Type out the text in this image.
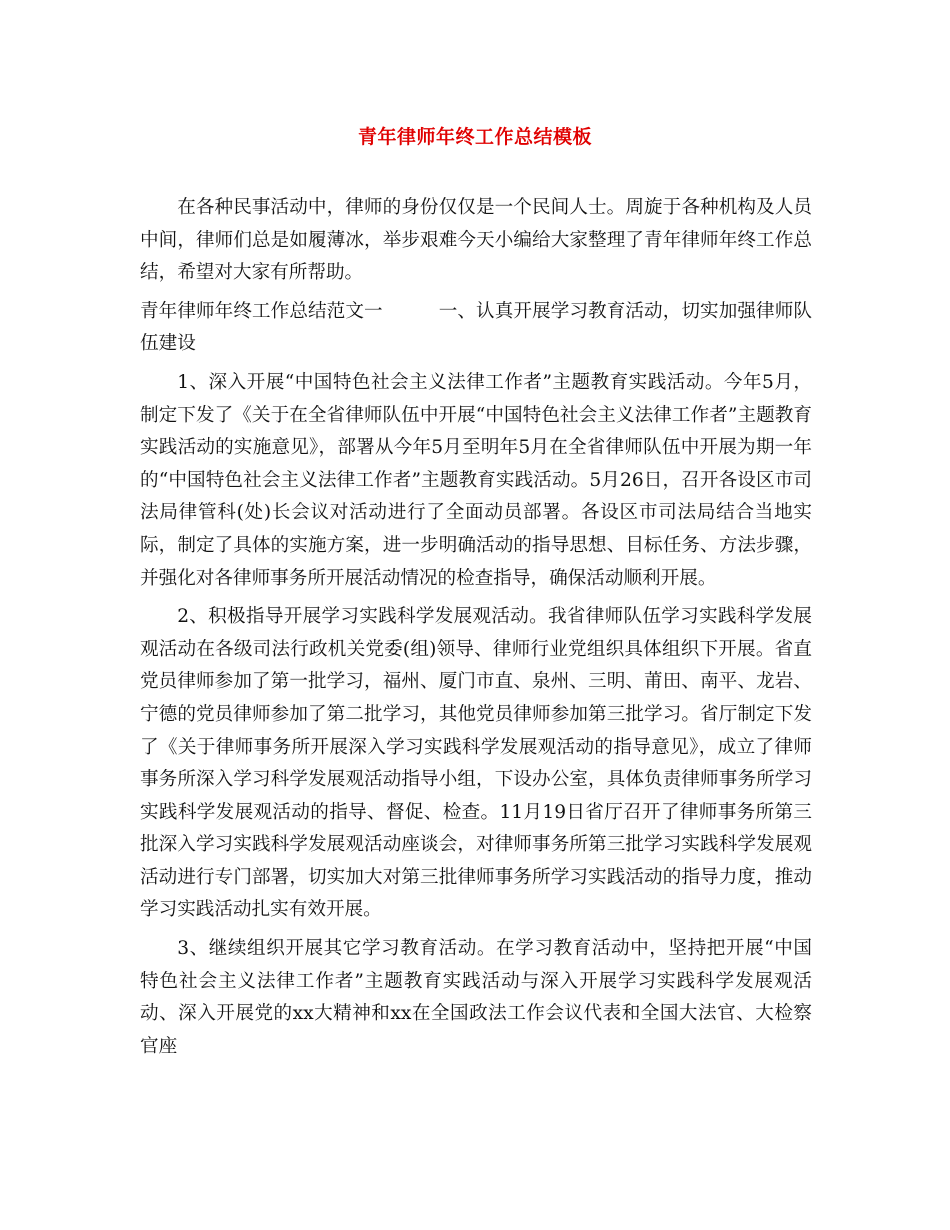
青年律师年终工作总结模板

在各种民事活动中，律师的身份仅仅是一个民间人士。周旋于各种机构及人员中间，律师们总是如履薄冰，举步艰难今天小编给大家整理了青年律师年终工作总结，希望对大家有所帮助。

青年律师年终工作总结范文一　　　一、认真开展学习教育活动，切实加强律师队伍建设

1、深入开展“中国特色社会主义法律工作者”主题教育实践活动。今年5月，制定下发了《关于在全省律师队伍中开展“中国特色社会主义法律工作者”主题教育实践活动的实施意见》，部署从今年5月至明年5月在全省律师队伍中开展为期一年的“中国特色社会主义法律工作者”主题教育实践活动。5月26日，召开各设区市司法局律管科(处)长会议对活动进行了全面动员部署。各设区市司法局结合当地实际，制定了具体的实施方案，进一步明确活动的指导思想、目标任务、方法步骤，并强化对各律师事务所开展活动情况的检查指导，确保活动顺利开展。

2、积极指导开展学习实践科学发展观活动。我省律师队伍学习实践科学发展观活动在各级司法行政机关党委(组)领导、律师行业党组织具体组织下开展。省直党员律师参加了第一批学习，福州、厦门市直、泉州、三明、莆田、南平、龙岩、宁德的党员律师参加了第二批学习，其他党员律师参加第三批学习。省厅制定下发了《关于律师事务所开展深入学习实践科学发展观活动的指导意见》，成立了律师事务所深入学习科学发展观活动指导小组，下设办公室，具体负责律师事务所学习实践科学发展观活动的指导、督促、检查。11月19日省厅召开了律师事务所第三批深入学习实践科学发展观活动座谈会，对律师事务所第三批学习实践科学发展观活动进行专门部署，切实加大对第三批律师事务所学习实践活动的指导力度，推动学习实践活动扎实有效开展。

3、继续组织开展其它学习教育活动。在学习教育活动中，坚持把开展“中国特色社会主义法律工作者”主题教育实践活动与深入开展学习实践科学发展观活动、深入开展党的xx大精神和xx在全国政法工作会议代表和全国大法官、大检察官座
